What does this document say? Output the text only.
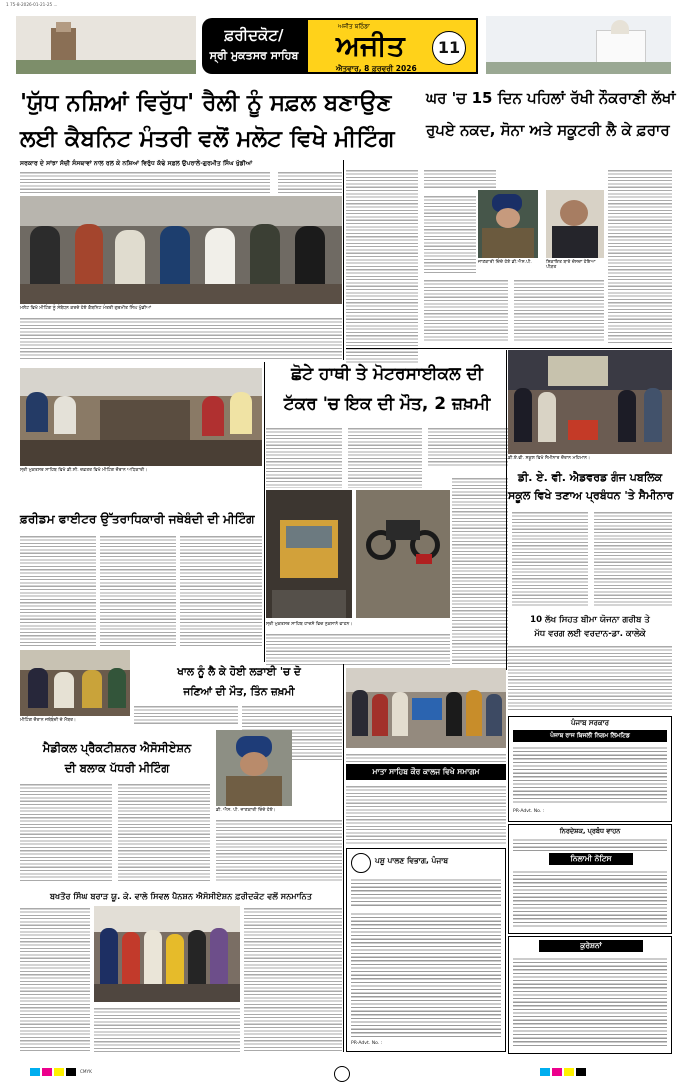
1 75-8-2026-01-21-25 ...
ਫ਼ਰੀਦਕੋਟ/
ਸ੍ਰੀ ਮੁਕਤਸਰ ਸਾਹਿਬ
ਅਜੀਤ ਬਠਿੰਡਾ
ਅਜੀਤ
ਐਤਵਾਰ, 8 ਫ਼ਰਵਰੀ 2026
11
'ਯੁੱਧ ਨਸ਼ਿਆਂ ਵਿਰੁੱਧ' ਰੈਲੀ ਨੂੰ ਸਫ਼ਲ ਬਣਾਉਣ
ਲਈ ਕੈਬਨਿਟ ਮੰਤਰੀ ਵਲੋਂ ਮਲੋਟ ਵਿਖੇ ਮੀਟਿੰਗ
ਸਰਕਾਰ ਦੇ ਸਾਂਝਾ ਸੱਚੀ ਸੰਸਥਾਵਾਂ ਨਾਲ ਰਲ ਕੇ ਨਸ਼ਿਆਂ ਵਿਰੁੱਧ ਕੱਢੇ ਸਫ਼ਲ ਉਪਰਾਲੇ-ਗੁਰਮੀਤ ਸਿੰਘ ਖੁੱਡੀਆਂ
ਮਲੋਟ ਵਿਖੇ ਮੀਟਿੰਗ ਨੂੰ ਸੰਬੋਧਨ ਕਰਦੇ ਹੋਏ ਕੈਬਨਿਟ ਮੰਤਰੀ ਗੁਰਮੀਤ ਸਿੰਘ ਖੁੱਡੀਆਂ
ਘਰ 'ਚ 15 ਦਿਨ ਪਹਿਲਾਂ ਰੱਖੀ ਨੌਕਰਾਣੀ ਲੱਖਾਂ
ਰੁਪਏ ਨਕਦ, ਸੋਨਾ ਅਤੇ ਸਕੂਟਰੀ ਲੈ ਕੇ ਫ਼ਰਾਰ
ਜਾਣਕਾਰੀ ਦਿੰਦੇ ਹੋਏ ਡੀ.ਐਸ.ਪੀ.	ਸ਼ਿਕਾਇਤ ਬਾਰੇ ਦੱਸਦਾ ਹੋਇਆ ਪੀੜਤ
ਸ੍ਰੀ ਮੁਕਤਸਰ ਸਾਹਿਬ ਵਿਖੇ ਡੀ.ਸੀ. ਦਫ਼ਤਰ ਵਿਖੇ ਮੀਟਿੰਗ ਦੌਰਾਨ ਅਧਿਕਾਰੀ।
ਛੋਟੇ ਹਾਥੀ ਤੇ ਮੋਟਰਸਾਈਕਲ ਦੀ
ਟੱਕਰ 'ਚ ਇਕ ਦੀ ਮੌਤ, 2 ਜ਼ਖ਼ਮੀ
ਸ੍ਰੀ ਮੁਕਤਸਰ ਸਾਹਿਬ ਹਾਦਸੇ ਵਿਚ ਨੁਕਸਾਨੇ ਵਾਹਨ।
ਡੀ.ਏ.ਵੀ. ਸਕੂਲ ਵਿਖੇ ਸੈਮੀਨਾਰ ਦੌਰਾਨ ਮਹਿਮਾਨ।
ਡੀ. ਏ. ਵੀ. ਐਡਵਰਡ ਗੰਜ ਪਬਲਿਕ
ਸਕੂਲ ਵਿਖੇ ਤਣਾਅ ਪ੍ਰਬੰਧਨ 'ਤੇ ਸੈਮੀਨਾਰ
10 ਲੱਖ ਸਿਹਤ ਬੀਮਾ ਯੋਜਨਾ ਗਰੀਬ ਤੇ
ਮੱਧ ਵਰਗ ਲਈ ਵਰਦਾਨ-ਡਾ. ਕਾਲੇਕੇ
ਫ਼ਰੀਡਮ ਫਾਈਟਰ ਉੱਤਰਾਧਿਕਾਰੀ ਜਥੇਬੰਦੀ ਦੀ ਮੀਟਿੰਗ
ਮੀਟਿੰਗ ਦੌਰਾਨ ਜਥੇਬੰਦੀ ਦੇ ਮੈਂਬਰ।
ਖਾਲ ਨੂੰ ਲੈ ਕੇ ਹੋਈ ਲੜਾਈ 'ਚ ਦੋ
ਜਣਿਆਂ ਦੀ ਮੌਤ, ਤਿੰਨ ਜ਼ਖ਼ਮੀ
ਡੀ. ਐਸ. ਪੀ. ਜਾਣਕਾਰੀ ਦਿੰਦੇ ਹੋਏ।
ਮਾਤਾ ਸਾਹਿਬ ਕੌਰ ਕਾਲਜ ਵਿਖੇ ਸਮਾਗਮ
ਮੈਡੀਕਲ ਪ੍ਰੈਕਟੀਸ਼ਨਰ ਐਸੋਸੀਏਸ਼ਨ
ਦੀ ਬਲਾਕ ਪੱਧਰੀ ਮੀਟਿੰਗ
ਬਖਤੌਰ ਸਿੰਘ ਬਰਾੜ ਯੂ. ਕੇ. ਵਾਲੇ ਸਿਵਲ ਪੈਨਸ਼ਨ ਐਸੋਸੀਏਸ਼ਨ ਫ਼ਰੀਦਕੋਟ ਵਲੋਂ ਸਨਮਾਨਿਤ
ਪਸ਼ੂ ਪਾਲਣ ਵਿਭਾਗ, ਪੰਜਾਬ
PR-Advt. No. :
ਪੰਜਾਬ ਸਰਕਾਰ
ਪੰਜਾਬ ਰਾਜ ਬਿਜਲੀ ਨਿਗਮ ਲਿਮਟਿਡ
PR-Advt. No. :
ਨਿਰਦੇਸ਼ਕ, ਪ੍ਰਬੰਧ ਵਾਹਨ
ਨਿਲਾਮੀ ਨੋਟਿਸ
ਕੁਰੇਸ਼ਨਾਂ
CMYK
